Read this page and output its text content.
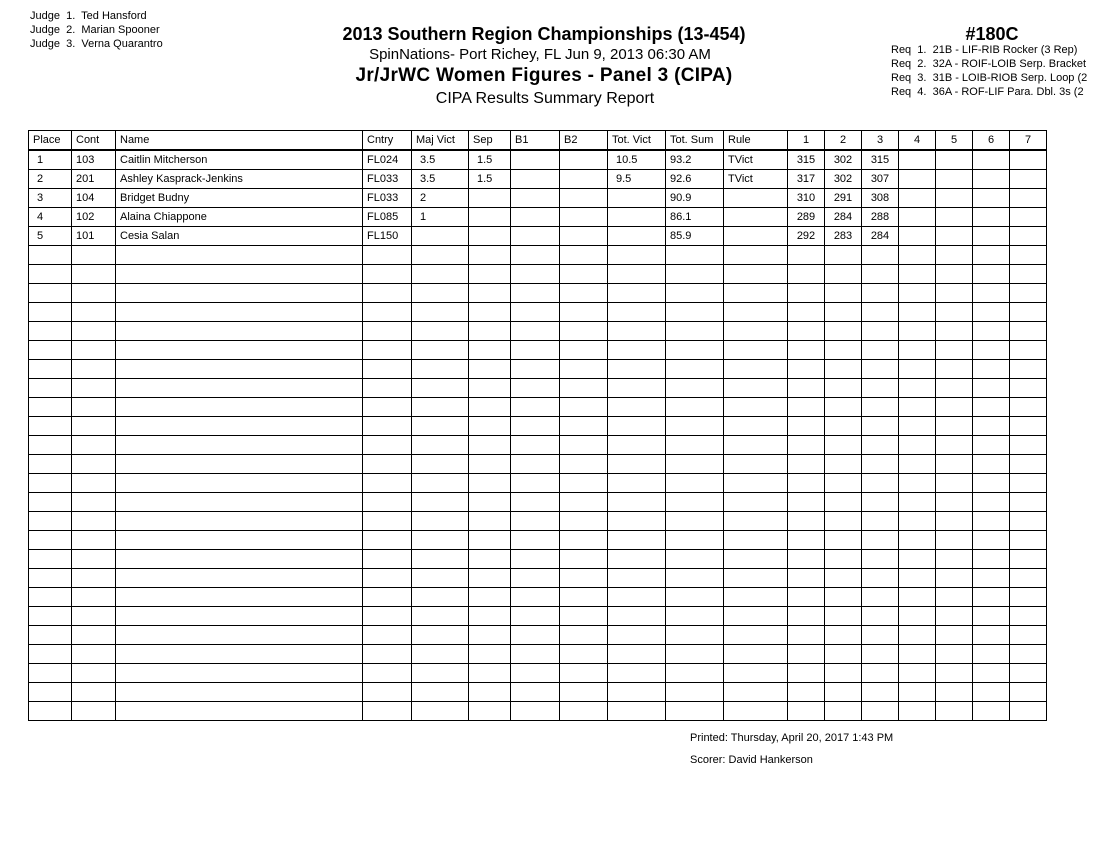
Judge  1.  Ted Hansford
Judge  2.  Marian Spooner
Judge  3.  Verna Quarantro	2013 Southern Region Championships (13-454)
SpinNations- Port Richey, FL Jun 9, 2013 06:30 AM
Jr/JrWC Women Figures - Panel 3 (CIPA)
CIPA Results Summary Report
#180C
Req  1.  21B - LIF-RIB Rocker (3 Rep)
Req  2.  32A - ROIF-LOIB Serp. Bracket
Req  3.  31B - LOIB-RIOB Serp. Loop (2
Req  4.  36A - ROF-LIF Para. Dbl. 3s (2
Place	Cont	Name	Cntry	Maj Vict	Sep	B1	B2	Tot. Vict	Tot. Sum	Rule	1	2	3	4	5	6	7
1	103	Caitlin Mitcherson	FL024	3.5	1.5			10.5	93.2	TVict	315	302	315				
2	201	Ashley Kasprack-Jenkins	FL033	3.5	1.5			9.5	92.6	TVict	317	302	307				
3	104	Bridget Budny	FL033	2					90.9		310	291	308				
4	102	Alaina Chiappone	FL085	1					86.1		289	284	288				
5	101	Cesia Salan	FL150						85.9		292	283	284				

Printed: Thursday, April 20, 2017 1:43 PM
Scorer: David Hankerson
